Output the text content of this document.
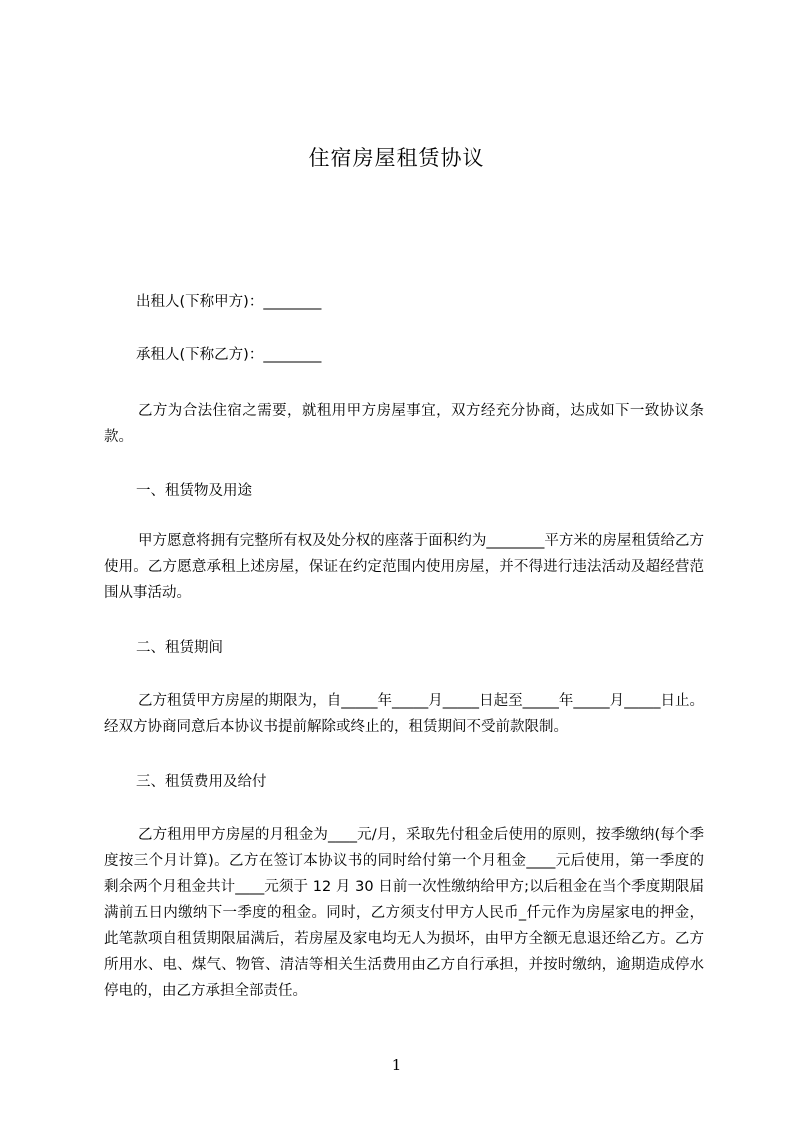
住宿房屋租赁协议

出租人(下称甲方)：________

承租人(下称乙方)：________

乙方为合法住宿之需要，就租用甲方房屋事宜，双方经充分协商，达成如下一致协议条款。

一、租赁物及用途

甲方愿意将拥有完整所有权及处分权的座落于面积约为________平方米的房屋租赁给乙方使用。乙方愿意承租上述房屋，保证在约定范围内使用房屋，并不得进行违法活动及超经营范围从事活动。

二、租赁期间

乙方租赁甲方房屋的期限为，自_____年_____月_____日起至_____年_____月_____日止。经双方协商同意后本协议书提前解除或终止的，租赁期间不受前款限制。

三、租赁费用及给付

乙方租用甲方房屋的月租金为____元/月，采取先付租金后使用的原则，按季缴纳(每个季度按三个月计算)。乙方在签订本协议书的同时给付第一个月租金____元后使用，第一季度的剩余两个月租金共计____元须于 12 月 30 日前一次性缴纳给甲方;以后租金在当个季度期限届满前五日内缴纳下一季度的租金。同时，乙方须支付甲方人民币_仟元作为房屋家电的押金，此笔款项自租赁期限届满后，若房屋及家电均无人为损坏，由甲方全额无息退还给乙方。乙方所用水、电、煤气、物管、清洁等相关生活费用由乙方自行承担，并按时缴纳，逾期造成停水停电的，由乙方承担全部责任。

1
